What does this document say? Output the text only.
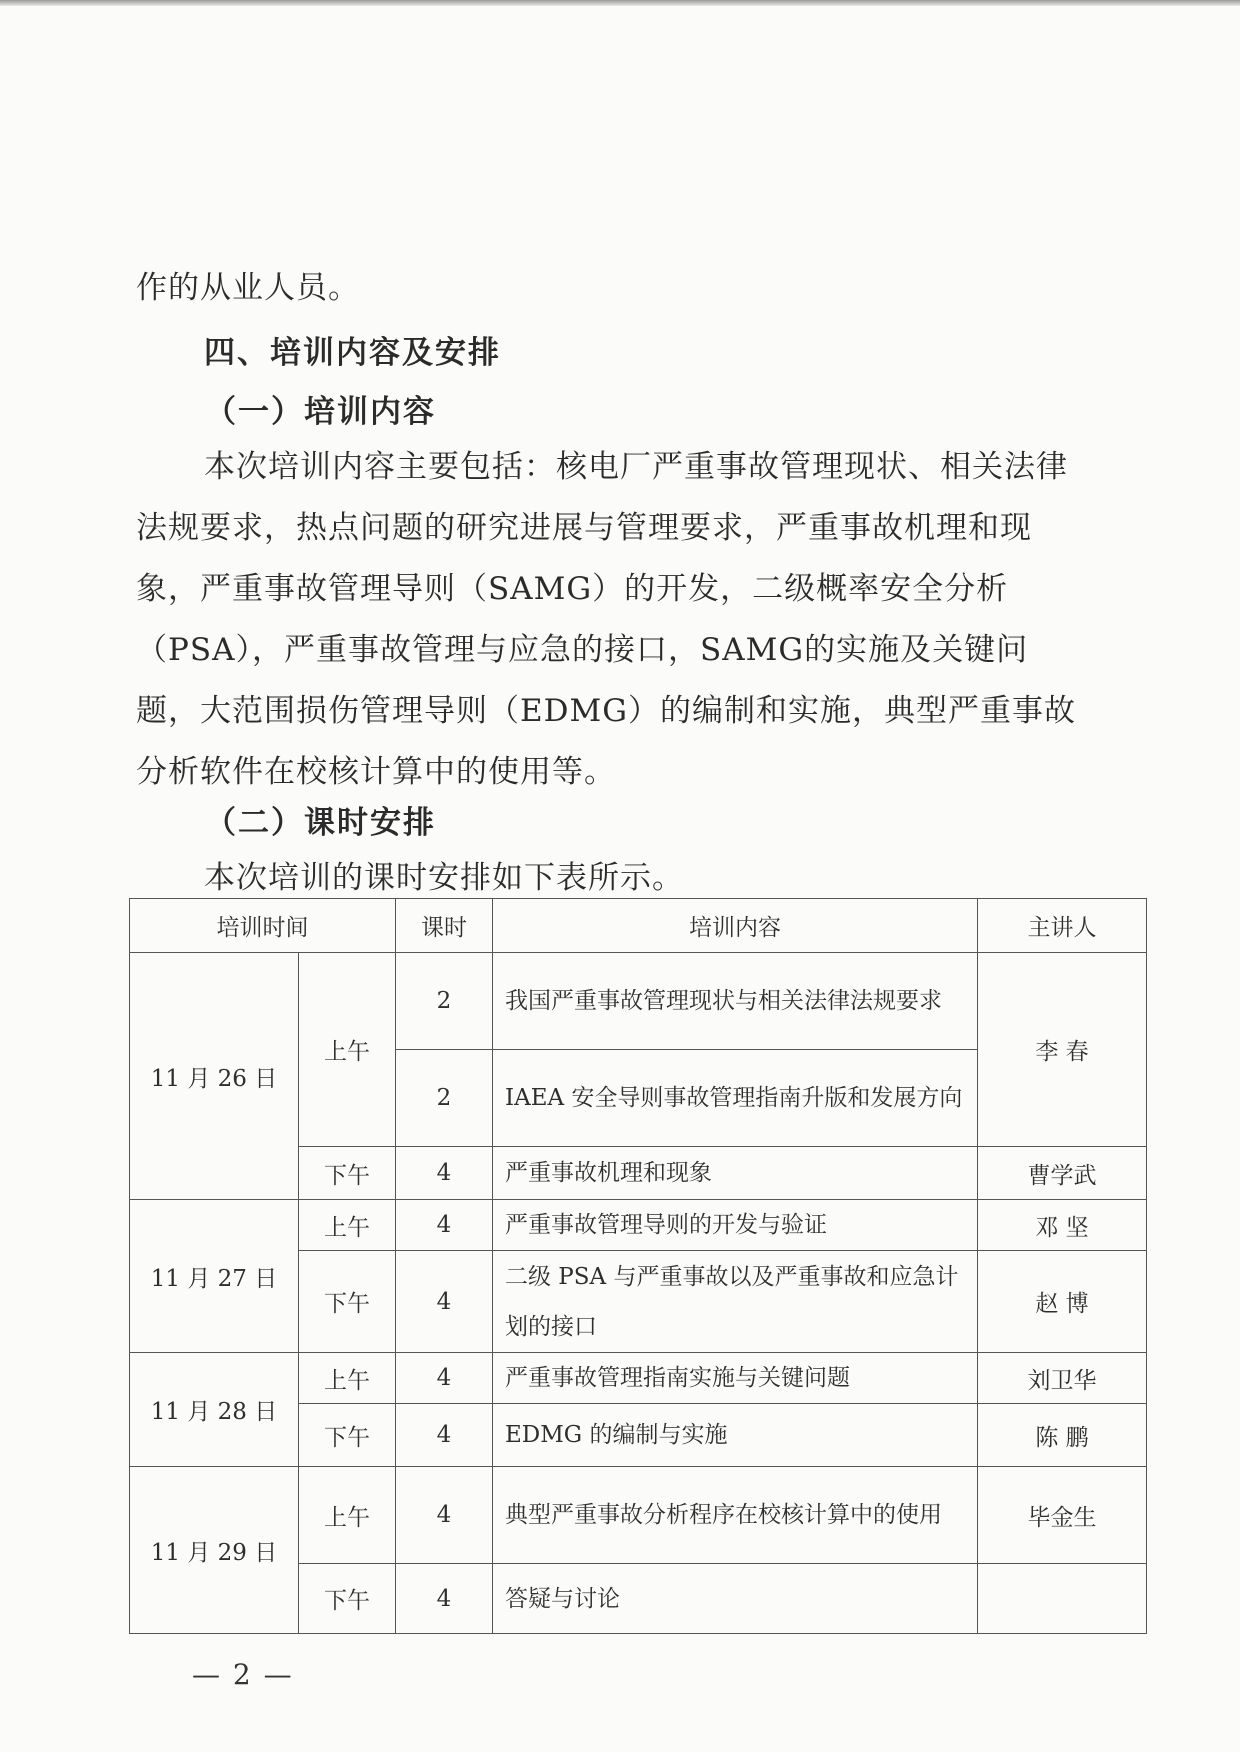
作的从业人员。

四、培训内容及安排
（一）培训内容

本次培训内容主要包括：核电厂严重事故管理现状、相关法律法规要求，热点问题的研究进展与管理要求，严重事故机理和现象，严重事故管理导则（SAMG）的开发，二级概率安全分析（PSA），严重事故管理与应急的接口，SAMG的实施及关键问题，大范围损伤管理导则（EDMG）的编制和实施，典型严重事故分析软件在校核计算中的使用等。

（二）课时安排

本次培训的课时安排如下表所示。

培训时间		课时	培训内容	主讲人
11 月 26 日	上午	2	我国严重事故管理现状与相关法律法规要求	李 春
		2	IAEA 安全导则事故管理指南升版和发展方向	
	下午	4	严重事故机理和现象	曹学武
11 月 27 日	上午	4	严重事故管理导则的开发与验证	邓 坚
	下午	4	二级 PSA 与严重事故以及严重事故和应急计划的接口	赵 博
11 月 28 日	上午	4	严重事故管理指南实施与关键问题	刘卫华
	下午	4	EDMG 的编制与实施	陈 鹏
11 月 29 日	上午	4	典型严重事故分析程序在校核计算中的使用	毕金生
	下午	4	答疑与讨论	
— 2 —
